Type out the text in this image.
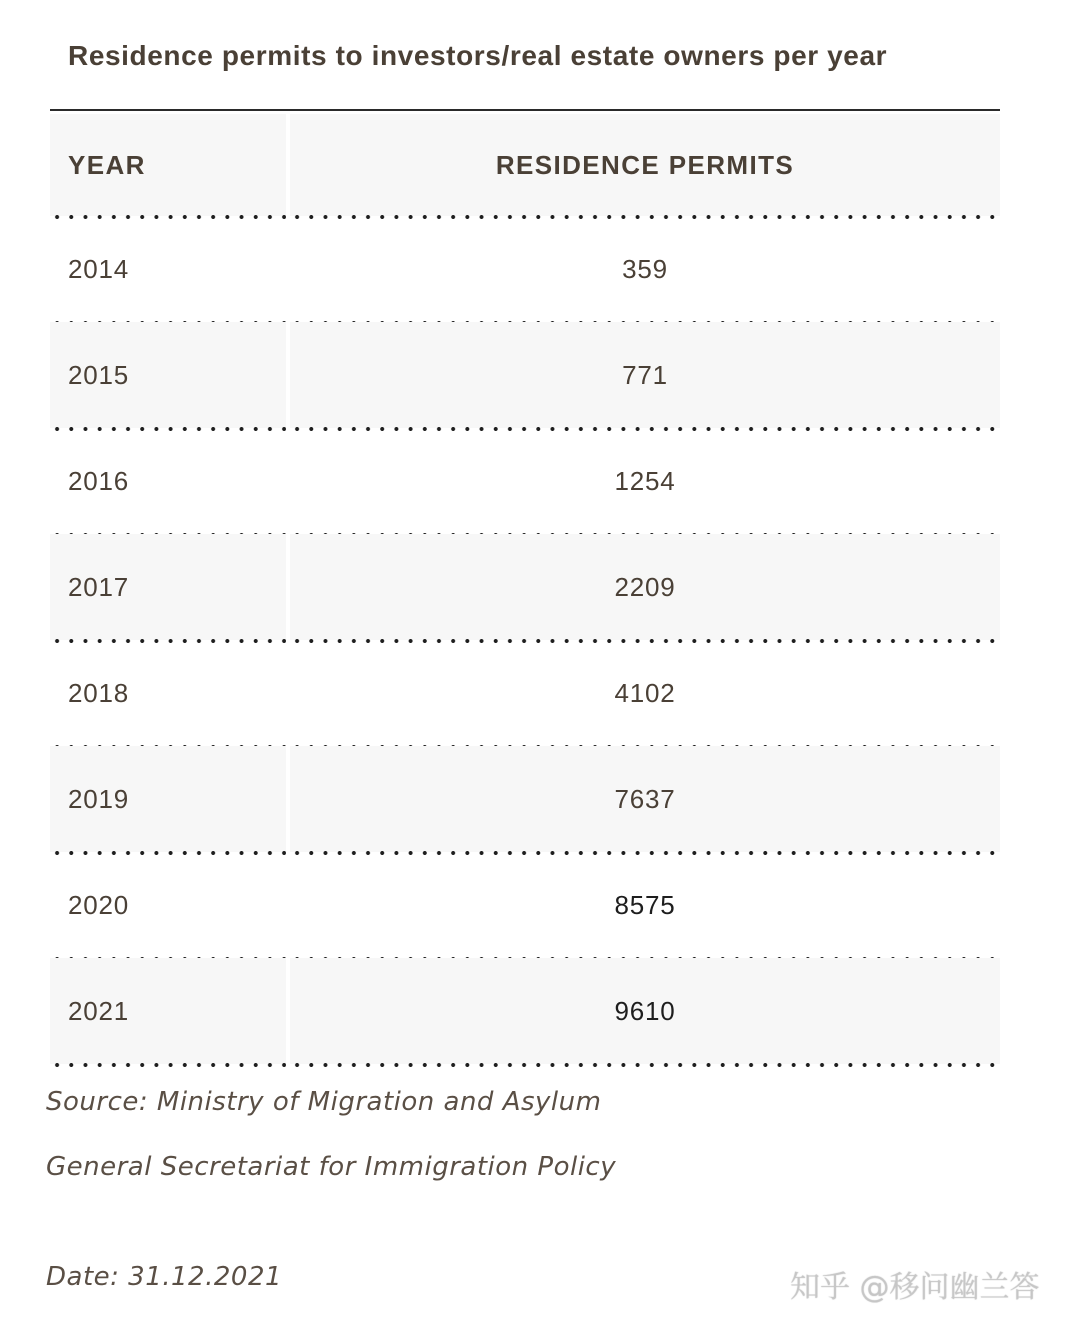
Residence permits to investors/real estate owners per year
YEAR	RESIDENCE PERMITS
2014	359
2015	771
2016	1254
2017	2209
2018	4102
2019	7637
2020	8575
2021	9610
Source: Ministry of Migration and Asylum
General Secretariat for Immigration Policy
Date: 31.12.2021	知乎 @移问幽兰答
